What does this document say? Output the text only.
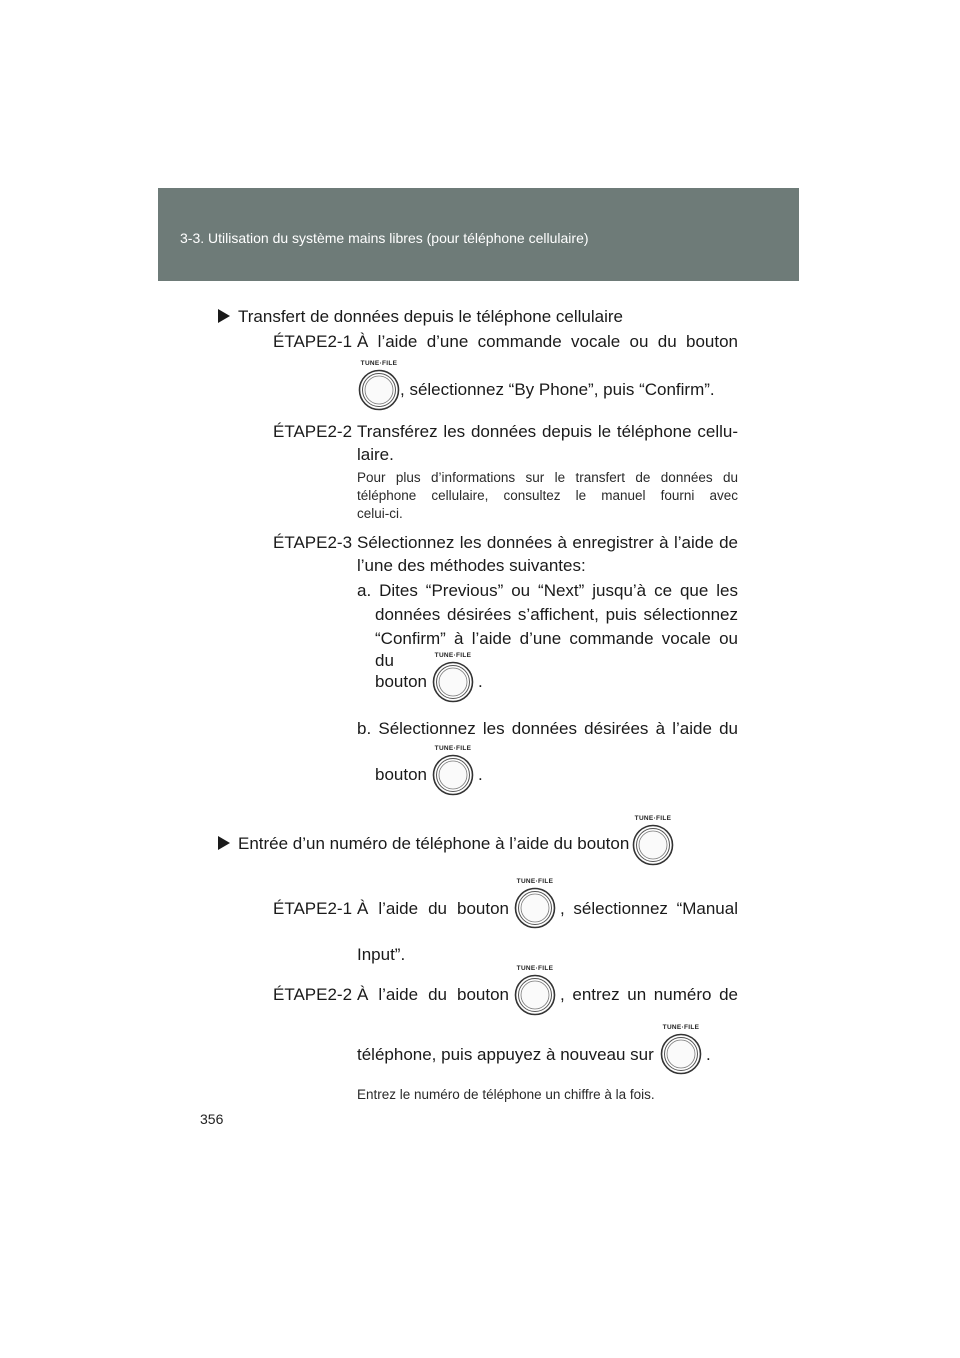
3-3. Utilisation du système mains libres (pour téléphone cellulaire)
Transfert de données depuis le téléphone cellulaire
ÉTAPE2-1 À l’aide d’une commande vocale ou du bouton
TUNE·FILE
, sélectionnez “By Phone”, puis “Confirm”.
ÉTAPE2-2 Transférez les données depuis le téléphone cellu-
laire.
Pour plus d’informations sur le transfert de données du
téléphone cellulaire, consultez le manuel fourni avec
celui-ci.
ÉTAPE2-3 Sélectionnez les données à enregistrer à l’aide de
l’une des méthodes suivantes:
a. Dites “Previous” ou “Next” jusqu’à ce que les
données désirées s’affichent, puis sélectionnez
“Confirm” à l’aide d’une commande vocale ou du
bouton
TUNE·FILE
.
b. Sélectionnez les données désirées à l’aide du
bouton
TUNE·FILE
.
Entrée d’un numéro de téléphone à l’aide du bouton
TUNE·FILE
ÉTAPE2-1 À l’aide du bouton
TUNE·FILE
, sélectionnez “Manual
Input”.
ÉTAPE2-2 À l’aide du bouton
TUNE·FILE
, entrez un numéro de
téléphone, puis appuyez à nouveau sur
TUNE·FILE
.
Entrez le numéro de téléphone un chiffre à la fois.
356
